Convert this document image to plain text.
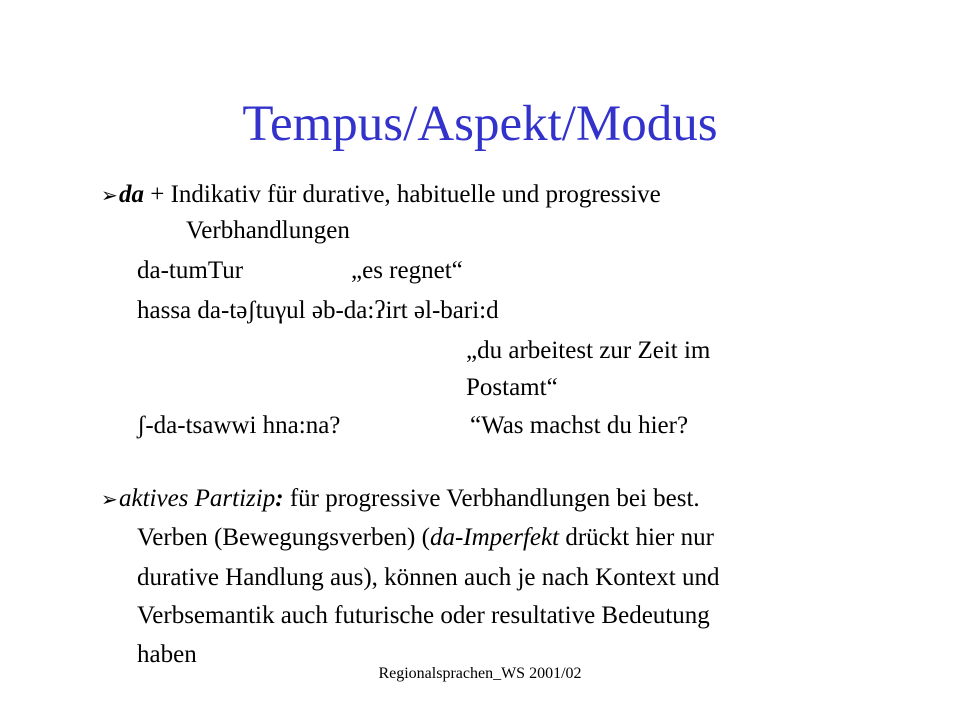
Tempus/Aspekt/Modus
➢ da + Indikativ für durative, habituelle und progressive
Verbhandlungen
da-tumTur	„es regnet“
hassa da-təʃtuγul əb-da:ʔirt əl-bari:d
„du arbeitest zur Zeit im
Postamt“
ʃ-da-tsawwi hna:na?	“Was machst du hier?
➢ aktives Partizip: für progressive Verbhandlungen bei best.
Verben (Bewegungsverben) (da-Imperfekt drückt hier nur
durative Handlung aus), können auch je nach Kontext und
Verbsemantik auch futurische oder resultative Bedeutung
haben
Regionalsprachen_WS 2001/02
